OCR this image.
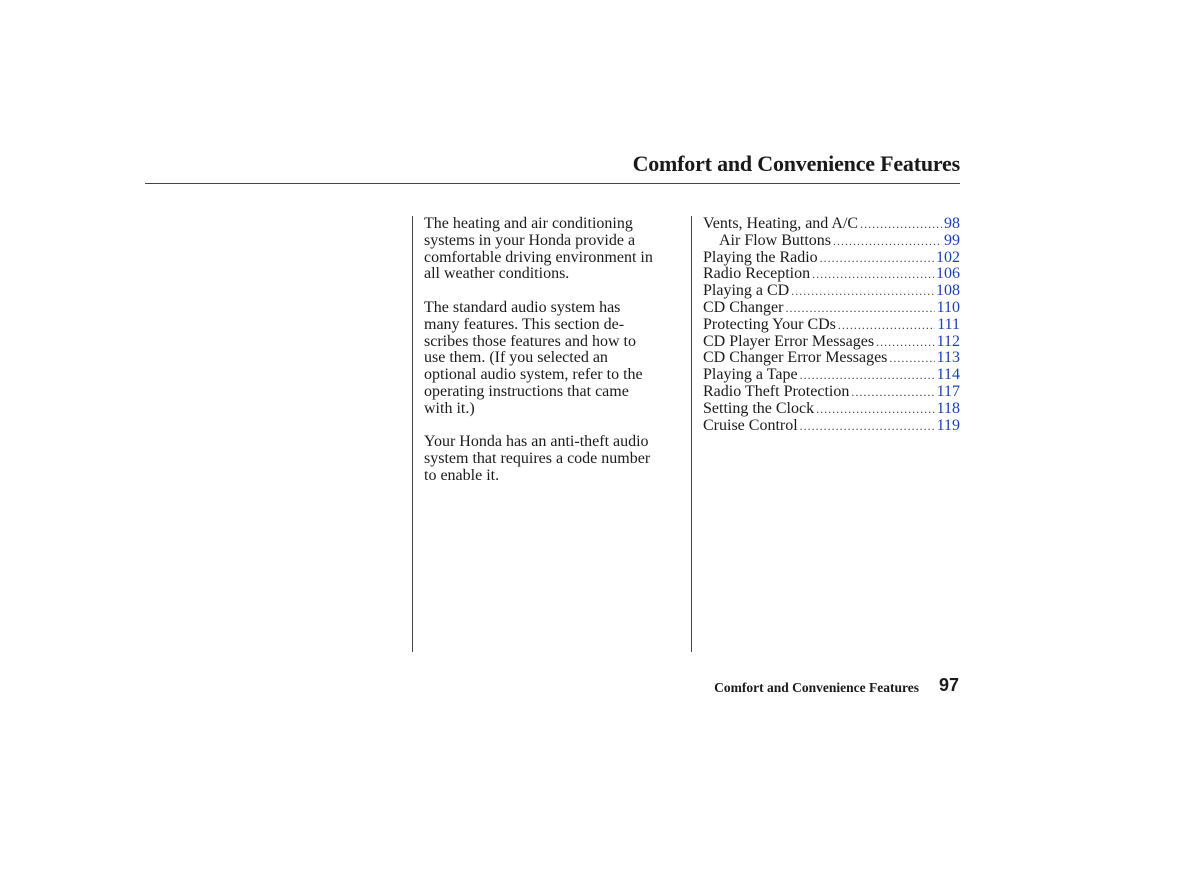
Comfort and Convenience Features

The heating and air conditioning
systems in your Honda provide a
comfortable driving environment in
all weather conditions.

The standard audio system has
many features. This section de-
scribes those features and how to
use them. (If you selected an
optional audio system, refer to the
operating instructions that came
with it.)

Your Honda has an anti-theft audio
system that requires a code number
to enable it.

Vents, Heating, and A/C .....	98
Air Flow Buttons .....	99
Playing the Radio .....	102
Radio Reception .....	106
Playing a CD .....	108
CD Changer .....	110
Protecting Your CDs .....	111
CD Player Error Messages .....	112
CD Changer Error Messages .....	113
Playing a Tape .....	114
Radio Theft Protection .....	117
Setting the Clock .....	118
Cruise Control .....	119
Comfort and Convenience Features 97
